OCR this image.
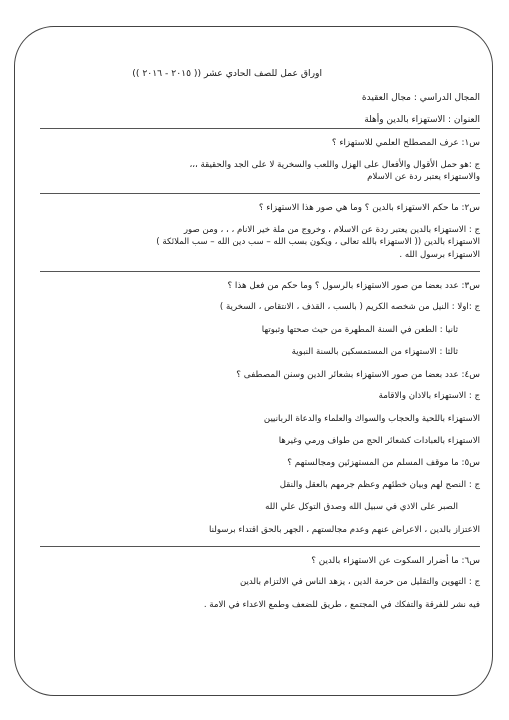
اوراق عمل للصف الحادي عشر (( ٢٠١٥ - ٢٠١٦ ))

المجال الدراسي : مجال العقيدة

العنوان : الاستهزاء بالدين وأهلة

س١: عرف المصطلح العلمي للاستهزاء ؟

ج :هو حمل الأقوال والأفعال على الهزل واللعب والسخرية لا على الجد والحقيقة ،،،

والاستهزاء يعتبر ردة عن الاسلام

س٢: ما حكم الاستهزاء بالدين ؟ وما هي صور هذا الاستهزاء ؟

ج : الاستهزاء بالدين يعتبر ردة عن الاسلام ، وخروج من ملة خير الانام ، ، ، ومن صور

الاستهزاء بالدين (( الاستهزاء بالله تعالى ، ويكون بسب الله – سب دين الله – سب الملائكة )

الاستهزاء برسول الله .

س٣: عدد بعضا من صور الاستهزاء بالرسول ؟ وما حكم من فعل هذا ؟

ج :اولا : النيل من شخصه الكريم ( بالسب ، القذف ، الانتقاص ، السخرية )

ثانيا : الطعن في السنة المطهرة من حيث صحتها وثبوتها

ثالثا : الاستهزاء من المستمسكين بالسنة النبوية

س٤: عدد بعضا من صور الاستهزاء بشعائر الدين وسنن المصطفى ؟

ج : الاستهزاء بالاذان والاقامة

الاستهزاء باللحية والحجاب والسواك والعلماء والدعاة الربانيين

الاستهزاء بالعبادات كشعائر الحج من طواف ورمي وغيرها

س٥: ما موقف المسلم من المستهزئين ومجالستهم ؟

ج : النصح لهم وبيان خطئهم وعظم جرمهم بالعقل والنقل

الصبر على الاذي في سبيل الله وصدق التوكل علي الله

الاعتزاز بالدين ، الاعراض عنهم وعدم مجالستهم ، الجهر بالحق اقتداء برسولنا

س٦: ما أضرار السكوت عن الاستهزاء بالدين ؟

ج : التهوين والتقليل من حرمة الدين ، يزهد الناس في الالتزام بالدين

فيه نشر للفرقة والتفكك في المجتمع ، طريق للضعف وطمع الاعداء في الامة .
